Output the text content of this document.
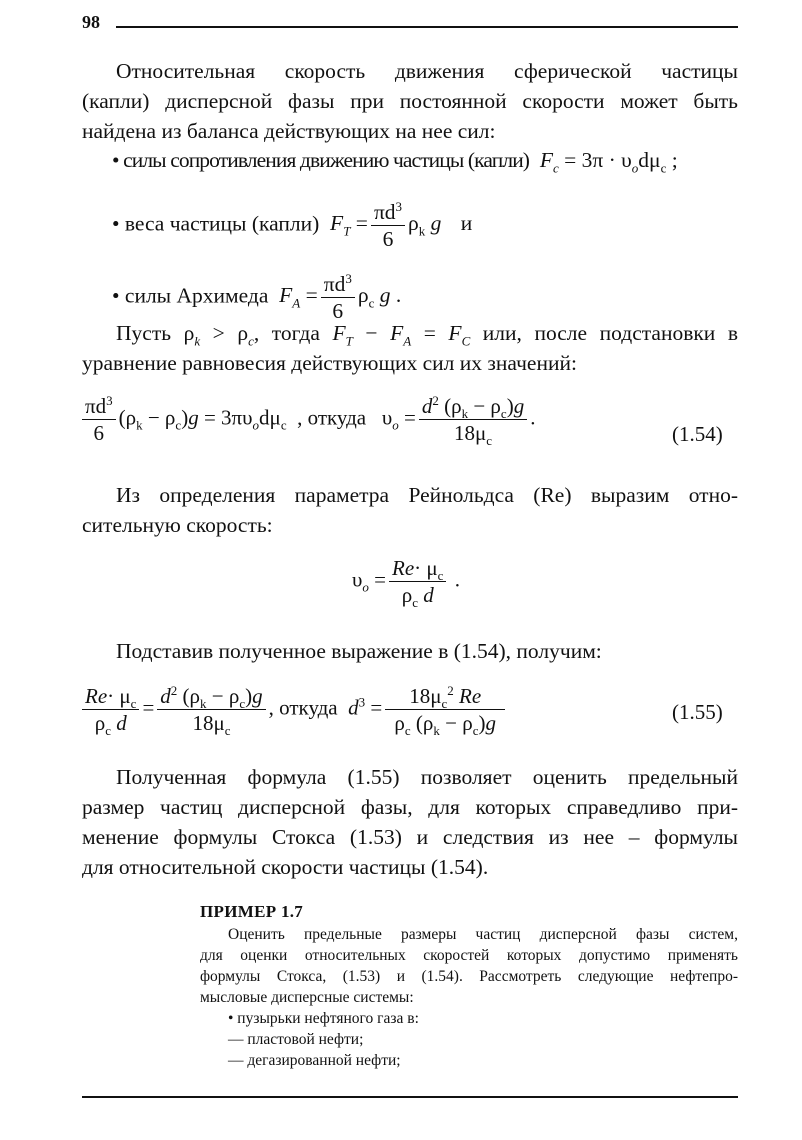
98

Относительная скорость движения сферической частицы
(капли) дисперсной фазы при постоянной скорости может быть
найдена из баланса действующих на нее сил:

• силы сопротивления движению частицы (капли) $F_c = 3\pi \cdot \upsilon_od\mu_c$ ;
• веса частицы (капли) $F_T = \frac{\pi d^3}{6} \rho_k$ g и
• силы Архимеда $F_A = \frac{\pi d^3}{6} \rho_c$ g .
Пусть $\rho_k > \rho_c$, тогда $F_T - F_A = F_C$ или, после подстановки в
уравнение равновесия действующих сил их значений:
$\frac{\pi d^3}{6} (\rho_k - \rho_c)g = 3\pi\upsilon_od\mu_c$  , откуда   $\upsilon_o = \frac{d^2 (\rho_k - \rho_c)g}{18\mu_c}$ .
(1.54)
Из определения параметра Рейнольдса (Re) выразим отно-
сительную скорость:
$\upsilon_o = \frac{Re\cdot \mu_c}{\rho_c d}$ .
Подставив полученное выражение в (1.54), получим:
$\frac{Re\cdot \mu_c}{\rho_c d} = \frac{d^2 (\rho_k - \rho_c)g}{18\mu_c}$ , откуда $d^3 = \frac{18\mu_c^2 Re}{\rho_c (\rho_k - \rho_c)g}$	(1.55)
Полученная формула (1.55) позволяет оценить предельный
размер частиц дисперсной фазы, для которых справедливо при-
менение формулы Стокса (1.53) и следствия из нее – формулы
для относительной скорости частицы (1.54).
ПРИМЕР 1.7
Оценить предельные размеры частиц дисперсной фазы систем,
для оценки относительных скоростей которых допустимо применять
формулы Стокса, (1.53) и (1.54). Рассмотреть следующие нефтепро-
мысловые дисперсные системы:
• пузырьки нефтяного газа в:
— пластовой нефти;
— дегазированной нефти;
